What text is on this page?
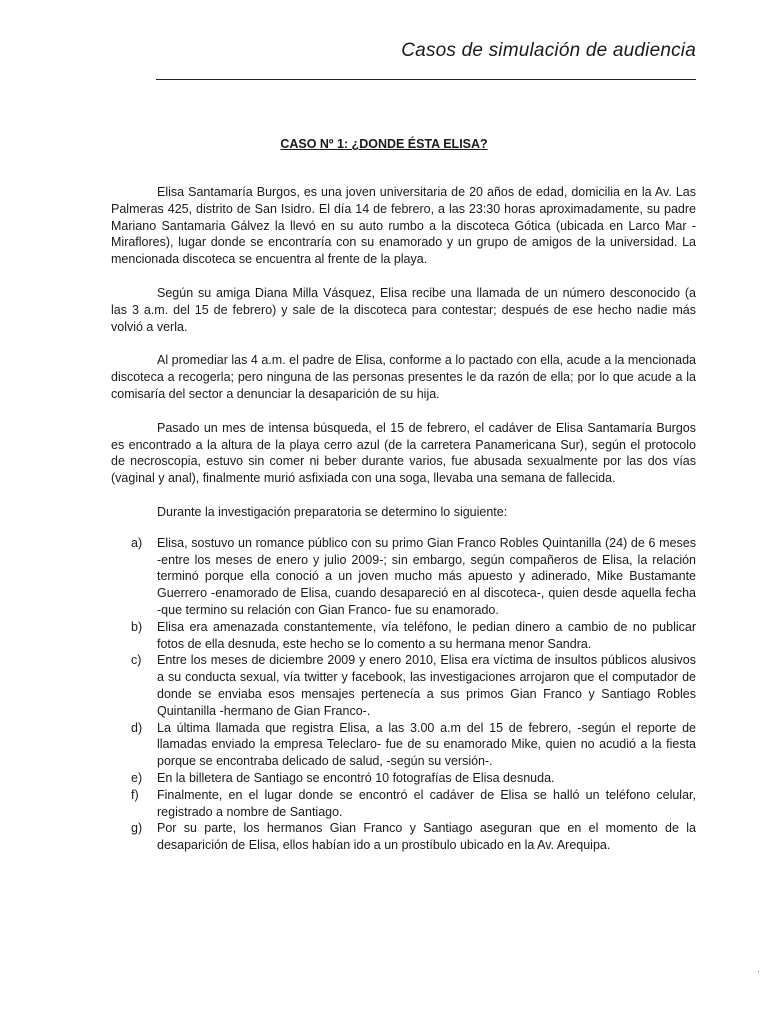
Casos de simulación de audiencia
CASO Nº 1: ¿DONDE ÉSTA ELISA?

Elisa Santamaría Burgos, es una joven universitaria de 20 años de edad, domicilia en la Av. Las Palmeras 425, distrito de San Isidro. El día 14 de febrero, a las 23:30 horas aproximadamente, su padre Mariano Santamaria Gálvez la llevó en su auto rumbo a la discoteca Gótica (ubicada en Larco Mar - Miraflores), lugar donde se encontraría con su enamorado y un grupo de amigos de la universidad. La mencionada discoteca se encuentra al frente de la playa.

Según su amiga Diana Milla Vásquez, Elisa recibe una llamada de un número desconocido (a las 3 a.m. del 15 de febrero) y sale de la discoteca para contestar; después de ese hecho nadie más volvió a verla.

Al promediar las 4 a.m. el padre de Elisa, conforme a lo pactado con ella, acude a la mencionada discoteca a recogerla; pero ninguna de las personas presentes le da razón de ella; por lo que acude a la comisaría del sector a denunciar la desaparición de su hija.

Pasado un mes de intensa búsqueda, el 15 de febrero, el cadáver de Elisa Santamaría Burgos es encontrado a la altura de la playa cerro azul (de la carretera Panamericana Sur), según el protocolo de necroscopia, estuvo sin comer ni beber durante varios, fue abusada sexualmente por las dos vías (vaginal y anal), finalmente murió asfixiada con una soga, llevaba una semana de fallecida.

Durante la investigación preparatoria se determino lo siguiente:

a) Elisa, sostuvo un romance público con su primo Gian Franco Robles Quintanilla (24) de 6 meses -entre los meses de enero y julio 2009-; sin embargo, según compañeros de Elisa, la relación terminó porque ella conoció a un joven mucho más apuesto y adinerado, Mike Bustamante Guerrero -enamorado de Elisa, cuando desapareció en al discoteca-, quien desde aquella fecha -que termino su relación con Gian Franco- fue su enamorado.
b) Elisa era amenazada constantemente, vía teléfono, le pedian dinero a cambio de no publicar fotos de ella desnuda, este hecho se lo comento a su hermana menor Sandra.
c) Entre los meses de diciembre 2009 y enero 2010, Elisa era víctima de insultos públicos alusivos a su conducta sexual, vía twitter y facebook, las investigaciones arrojaron que el computador de donde se enviaba esos mensajes pertenecía a sus primos Gian Franco y Santiago Robles Quintanilla -hermano de Gian Franco-.
d) La última llamada que registra Elisa, a las 3.00 a.m del 15 de febrero, -según el reporte de llamadas enviado la empresa Teleclaro- fue de su enamorado Mike, quien no acudió a la fiesta porque se encontraba delicado de salud, -según su versión-.
e) En la billetera de Santiago se encontró 10 fotografías de Elisa desnuda.
f) Finalmente, en el lugar donde se encontró el cadáver de Elisa se halló un teléfono celular, registrado a nombre de Santiago.
g) Por su parte, los hermanos Gian Franco y Santiago aseguran que en el momento de la desaparición de Elisa, ellos habían ido a un prostíbulo ubicado en la Av. Arequipa.
·
